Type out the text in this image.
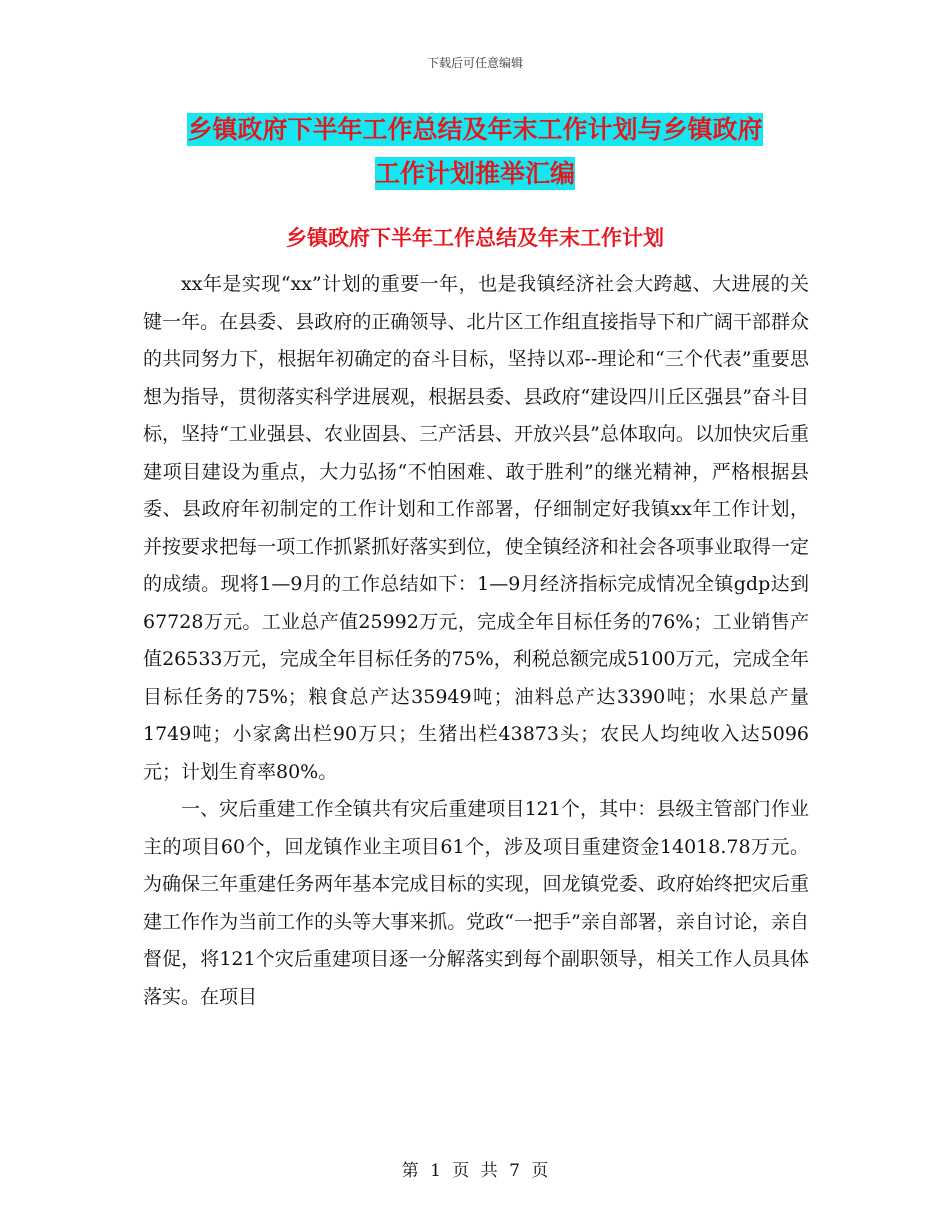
下载后可任意编辑
乡镇政府下半年工作总结及年末工作计划与乡镇政府
工作计划推举汇编
乡镇政府下半年工作总结及年末工作计划

xx年是实现“xx”计划的重要一年，也是我镇经济社会大跨越、大进展的关键一年。在县委、县政府的正确领导、北片区工作组直接指导下和广阔干部群众的共同努力下，根据年初确定的奋斗目标，坚持以邓--理论和“三个代表”重要思想为指导，贯彻落实科学进展观，根据县委、县政府“建设四川丘区强县”奋斗目标，坚持“工业强县、农业固县、三产活县、开放兴县”总体取向。以加快灾后重建项目建设为重点，大力弘扬“不怕困难、敢于胜利”的继光精神，严格根据县委、县政府年初制定的工作计划和工作部署，仔细制定好我镇xx年工作计划，并按要求把每一项工作抓紧抓好落实到位，使全镇经济和社会各项事业取得一定的成绩。现将1—9月的工作总结如下：1—9月经济指标完成情况全镇gdp达到67728万元。工业总产值25992万元，完成全年目标任务的76%；工业销售产值26533万元，完成全年目标任务的75%，利税总额完成5100万元，完成全年目标任务的75%；粮食总产达35949吨；油料总产达3390吨；水果总产量1749吨；小家禽出栏90万只；生猪出栏43873头；农民人均纯收入达5096元；计划生育率80%。

一、灾后重建工作全镇共有灾后重建项目121个，其中：县级主管部门作业主的项目60个，回龙镇作业主项目61个，涉及项目重建资金14018.78万元。为确保三年重建任务两年基本完成目标的实现，回龙镇党委、政府始终把灾后重建工作作为当前工作的头等大事来抓。党政“一把手”亲自部署，亲自讨论，亲自督促，将121个灾后重建项目逐一分解落实到每个副职领导，相关工作人员具体落实。在项目

第 1 页 共 7 页
